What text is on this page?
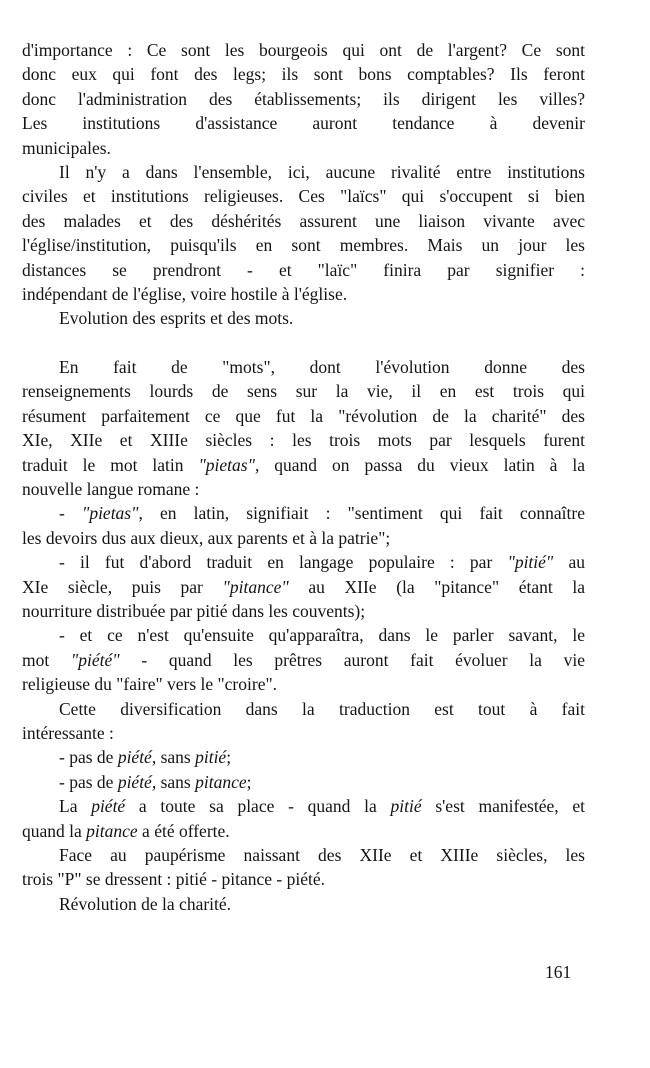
d'importance : Ce sont les bourgeois qui ont de l'argent? Ce sont
donc eux qui font des legs; ils sont bons comptables? Ils feront
donc l'administration des établissements; ils dirigent les villes?
Les institutions d'assistance auront tendance à devenir
municipales.
Il n'y a dans l'ensemble, ici, aucune rivalité entre institutions
civiles et institutions religieuses. Ces "laïcs" qui s'occupent si bien
des malades et des déshérités assurent une liaison vivante avec
l'église/institution, puisqu'ils en sont membres. Mais un jour les
distances se prendront - et "laïc" finira par signifier :
indépendant de l'église, voire hostile à l'église.
Evolution des esprits et des mots.
En fait de "mots", dont l'évolution donne des
renseignements lourds de sens sur la vie, il en est trois qui
résument parfaitement ce que fut la "révolution de la charité" des
XIe, XIIe et XIIIe siècles : les trois mots par lesquels furent
traduit le mot latin "pietas", quand on passa du vieux latin à la
nouvelle langue romane :
- "pietas", en latin, signifiait : "sentiment qui fait connaître
les devoirs dus aux dieux, aux parents et à la patrie";
- il fut d'abord traduit en langage populaire : par "pitié" au
XIe siècle, puis par "pitance" au XIIe (la "pitance" étant la
nourriture distribuée par pitié dans les couvents);
- et ce n'est qu'ensuite qu'apparaîtra, dans le parler savant, le
mot "piété" - quand les prêtres auront fait évoluer la vie
religieuse du "faire" vers le "croire".
Cette diversification dans la traduction est tout à fait
intéressante :
- pas de piété, sans pitié;
- pas de piété, sans pitance;
La piété a toute sa place - quand la pitié s'est manifestée, et
quand la pitance a été offerte.
Face au paupérisme naissant des XIIe et XIIIe siècles, les
trois "P" se dressent : pitié - pitance - piété.
Révolution de la charité.
161
